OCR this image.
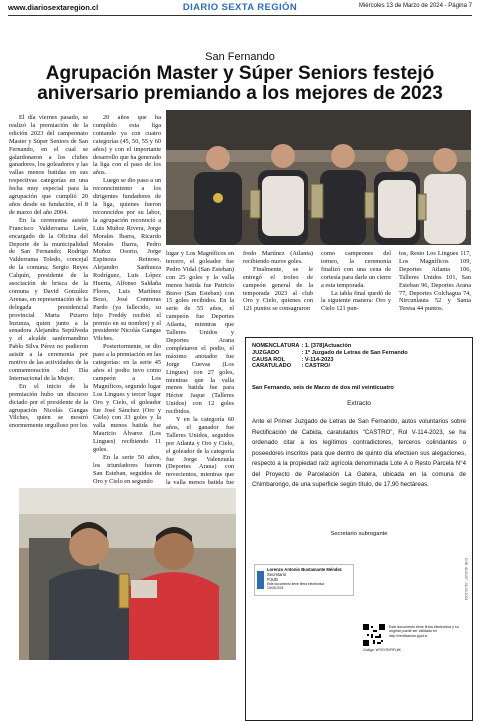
www.diariosextaregion.cl	DIARIO SEXTA REGIÓN	Miércoles 13 de Marzo de 2024 - Página 7
San Fernando
Agrupación Master y Súper Seniors festejó aniversario premiando a los mejores de 2023

El día viernes pasado, se realizó la premiación de la edición 2023 del campeonato Master y Súper Seniors de San Fernando, en el cual se galardonaron a los clubes ganadores, los goleadores y las vallas menos batidas en sus respectivas categorías en una fecha muy especial para la agrupación que cumplió 20 años desde su fundación, el 8 de marzo del año 2004.

En la ceremonia asistió Francisco Valderrama León, encargado de la Oficina del Deporte de la municipalidad de San Fernando; Rodrigo Valderrama Toledo, concejal de la comuna; Sergio Reyes Calquín, presidente de la asociación de brisca de la comuna y David González Arenas, en representación de la delegada presidencial provincial Marta Pizarro Inzunza, quien junto a la senadora Alejandra Sepúlveda y el alcalde sanfernandino Pablo Silva Pérez no pudieron asistir a la ceremonia por motivo de las actividades de la conmemoración del Día Internacional de la Mujer.

En el inicio de la premiación hubo un discurso dictado por el presidente de la agrupación Nicolás Gangas Vilches, quien se mostró enormemente orgulloso por los

20 años que ha cumplido esta liga contando ya con cuatro categorías (45, 50, 55 y 60 años) y con el importante desarrollo que ha generado la liga con el paso de los años.

Luego se dio paso a un reconocimiento a los dirigentes fundadores de la liga, quienes fueron reconocidos por su labor, la agrupación reconoció a Luis Muñoz Rivera, Jorge Morales Ibarra, Ricardo Morales Ibarra, Pedro Muñoz Osorio, Jorge Espinoza Reinoso, Alejandro Sanhueza Rodríguez, Luis López Huerta, Alfonso Saldaña Flores, Luis Martínez Bozo, José Contreras Pardo (ya fallecido, su hijo Freddy recibió el premio en su nombre) y el presidente Nicolás Gangas Vilches.

Posteriormente, se dio paso a la premiación en las categorías: en la serie 45 años el podio tuvo como campeón a Los Magníficos, segundo lugar Los Lingues y tercer lugar Oro y Cielo, el goleador fue José Sánchez (Oro y Cielo) con 33 goles y la valla menos batida fue Mauricio Álvarez (Los Lingues) recibiendo 11 goles.

En la serie 50 años, los triunfadores fueron San Esteban, seguidos de Oro y Cielo en segundo

lugar y Los Magníficos en tercero, el goleador fue Pedro Vidal (San Esteban) con 25 goles y la valla menos batida fue Patricio Bravo (San Esteban) con 15 goles recibidos. En la serie de 55 años, el campeón fue Deportes Atlanta, mientras que Talleres Unidos y Deportes Arana completaron el podio, el máximo anotador fue Jorge Cuevas (Los Lingues) con 27 goles, mientras que la valla menos batida fue para Héctor Jaque (Talleres Unidos) con 12 goles recibidos.

Y en la categoría 60 años, el ganador fue Talleres Unidos, seguidos por Atlanta y Oro y Cielo, el goleador de la categoría fue Jorge Valenzuela (Deportes Arana) con novecientos, mientras que la valla menos batida fue

fredo Martínez (Atlanta) recibiendo nueve goles.

Finalmente, se le entregó el trofeo de campeón general de la temporada 2023 al club Oro y Cielo, quienes con 121 puntos se consagraron

como campeones del torneo, la ceremonia finalizó con una cena de cortesía para darle un cierre a esta temporada.

La tabla final quedó de la siguiente manera: Oro y Cielo 121 pun-

tos, Resto Los Lingues 117, Los Magníficos 109, Deportes Atlanta 106, Talleres Unidos 101, San Esteban 96, Deportes Arana 77, Deportes Colchagua 74, Nircunlauta 52 y Santa Teresa 44 puntos.

NOMENCLATURA	: 1. [378]Actuación
JUZGADO	: 1º Juzgado de Letras de San Fernando
CAUSA ROL	: V-114-2023
CARATULADO	: CASTRO/
San Fernando, seis de Marzo de dos mil veinticuatro
Extracto
Ante el Primer Juzgado de Letras de San Fernando, autos voluntarios sobre Rectificación de Cabida, caratulados "CASTRO", Rol V-114-2023, se ha ordenado citar a los legítimos contradictores, terceros colindantes o poseedores inscritos para que dentro de quinto día efectúen sus alegaciones, respecto a la propiedad raíz agrícola denominada Lote A o Resto Parcela N°4 del Proyecto de Parcelación La Gatera, ubicada en la comuna de Chimbarongo, de una superficie según título, de 17,90 hectáreas.
Secretario subrogante
Lorenzo Antonio Bustamante Méndez
Secretario
PJUD
Este documento tiene firma electrónica
13/03/2024
Este documento tiene firma electrónica y su original puede ser validado en http://verificacion.pjud.cl
Código: WYDYSVRFL6K
CVE: 4115157 - 06-03-2024
